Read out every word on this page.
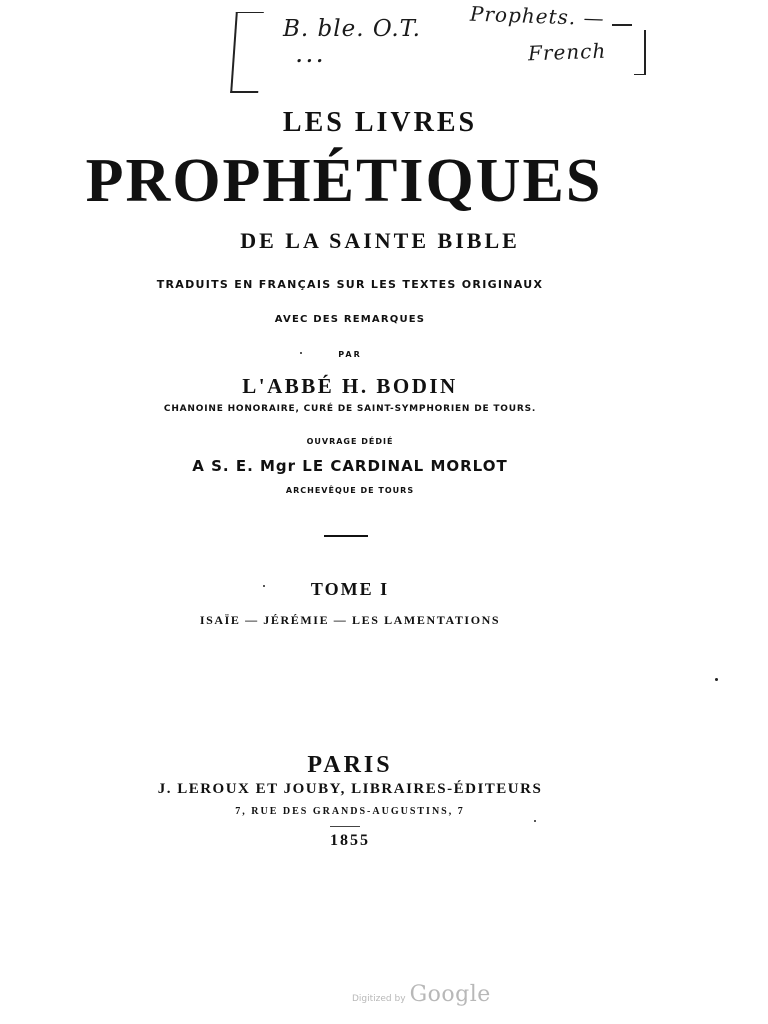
B. ble. O.T.
...
Prophets. —
French
LES LIVRES
PROPHÉTIQUES
DE LA SAINTE BIBLE
TRADUITS EN FRANÇAIS SUR LES TEXTES ORIGINAUX
AVEC DES REMARQUES
PAR
L'ABBÉ H. BODIN
CHANOINE HONORAIRE, CURÉ DE SAINT-SYMPHORIEN DE TOURS.
OUVRAGE DÉDIÉ
A S. E. Mgr LE CARDINAL MORLOT
ARCHEVÊQUE DE TOURS
TOME I
ISAÏE — JÉRÉMIE — LES LAMENTATIONS
PARIS
J. LEROUX ET JOUBY, LIBRAIRES-ÉDITEURS
7, RUE DES GRANDS-AUGUSTINS, 7
1855
Digitized by Google
